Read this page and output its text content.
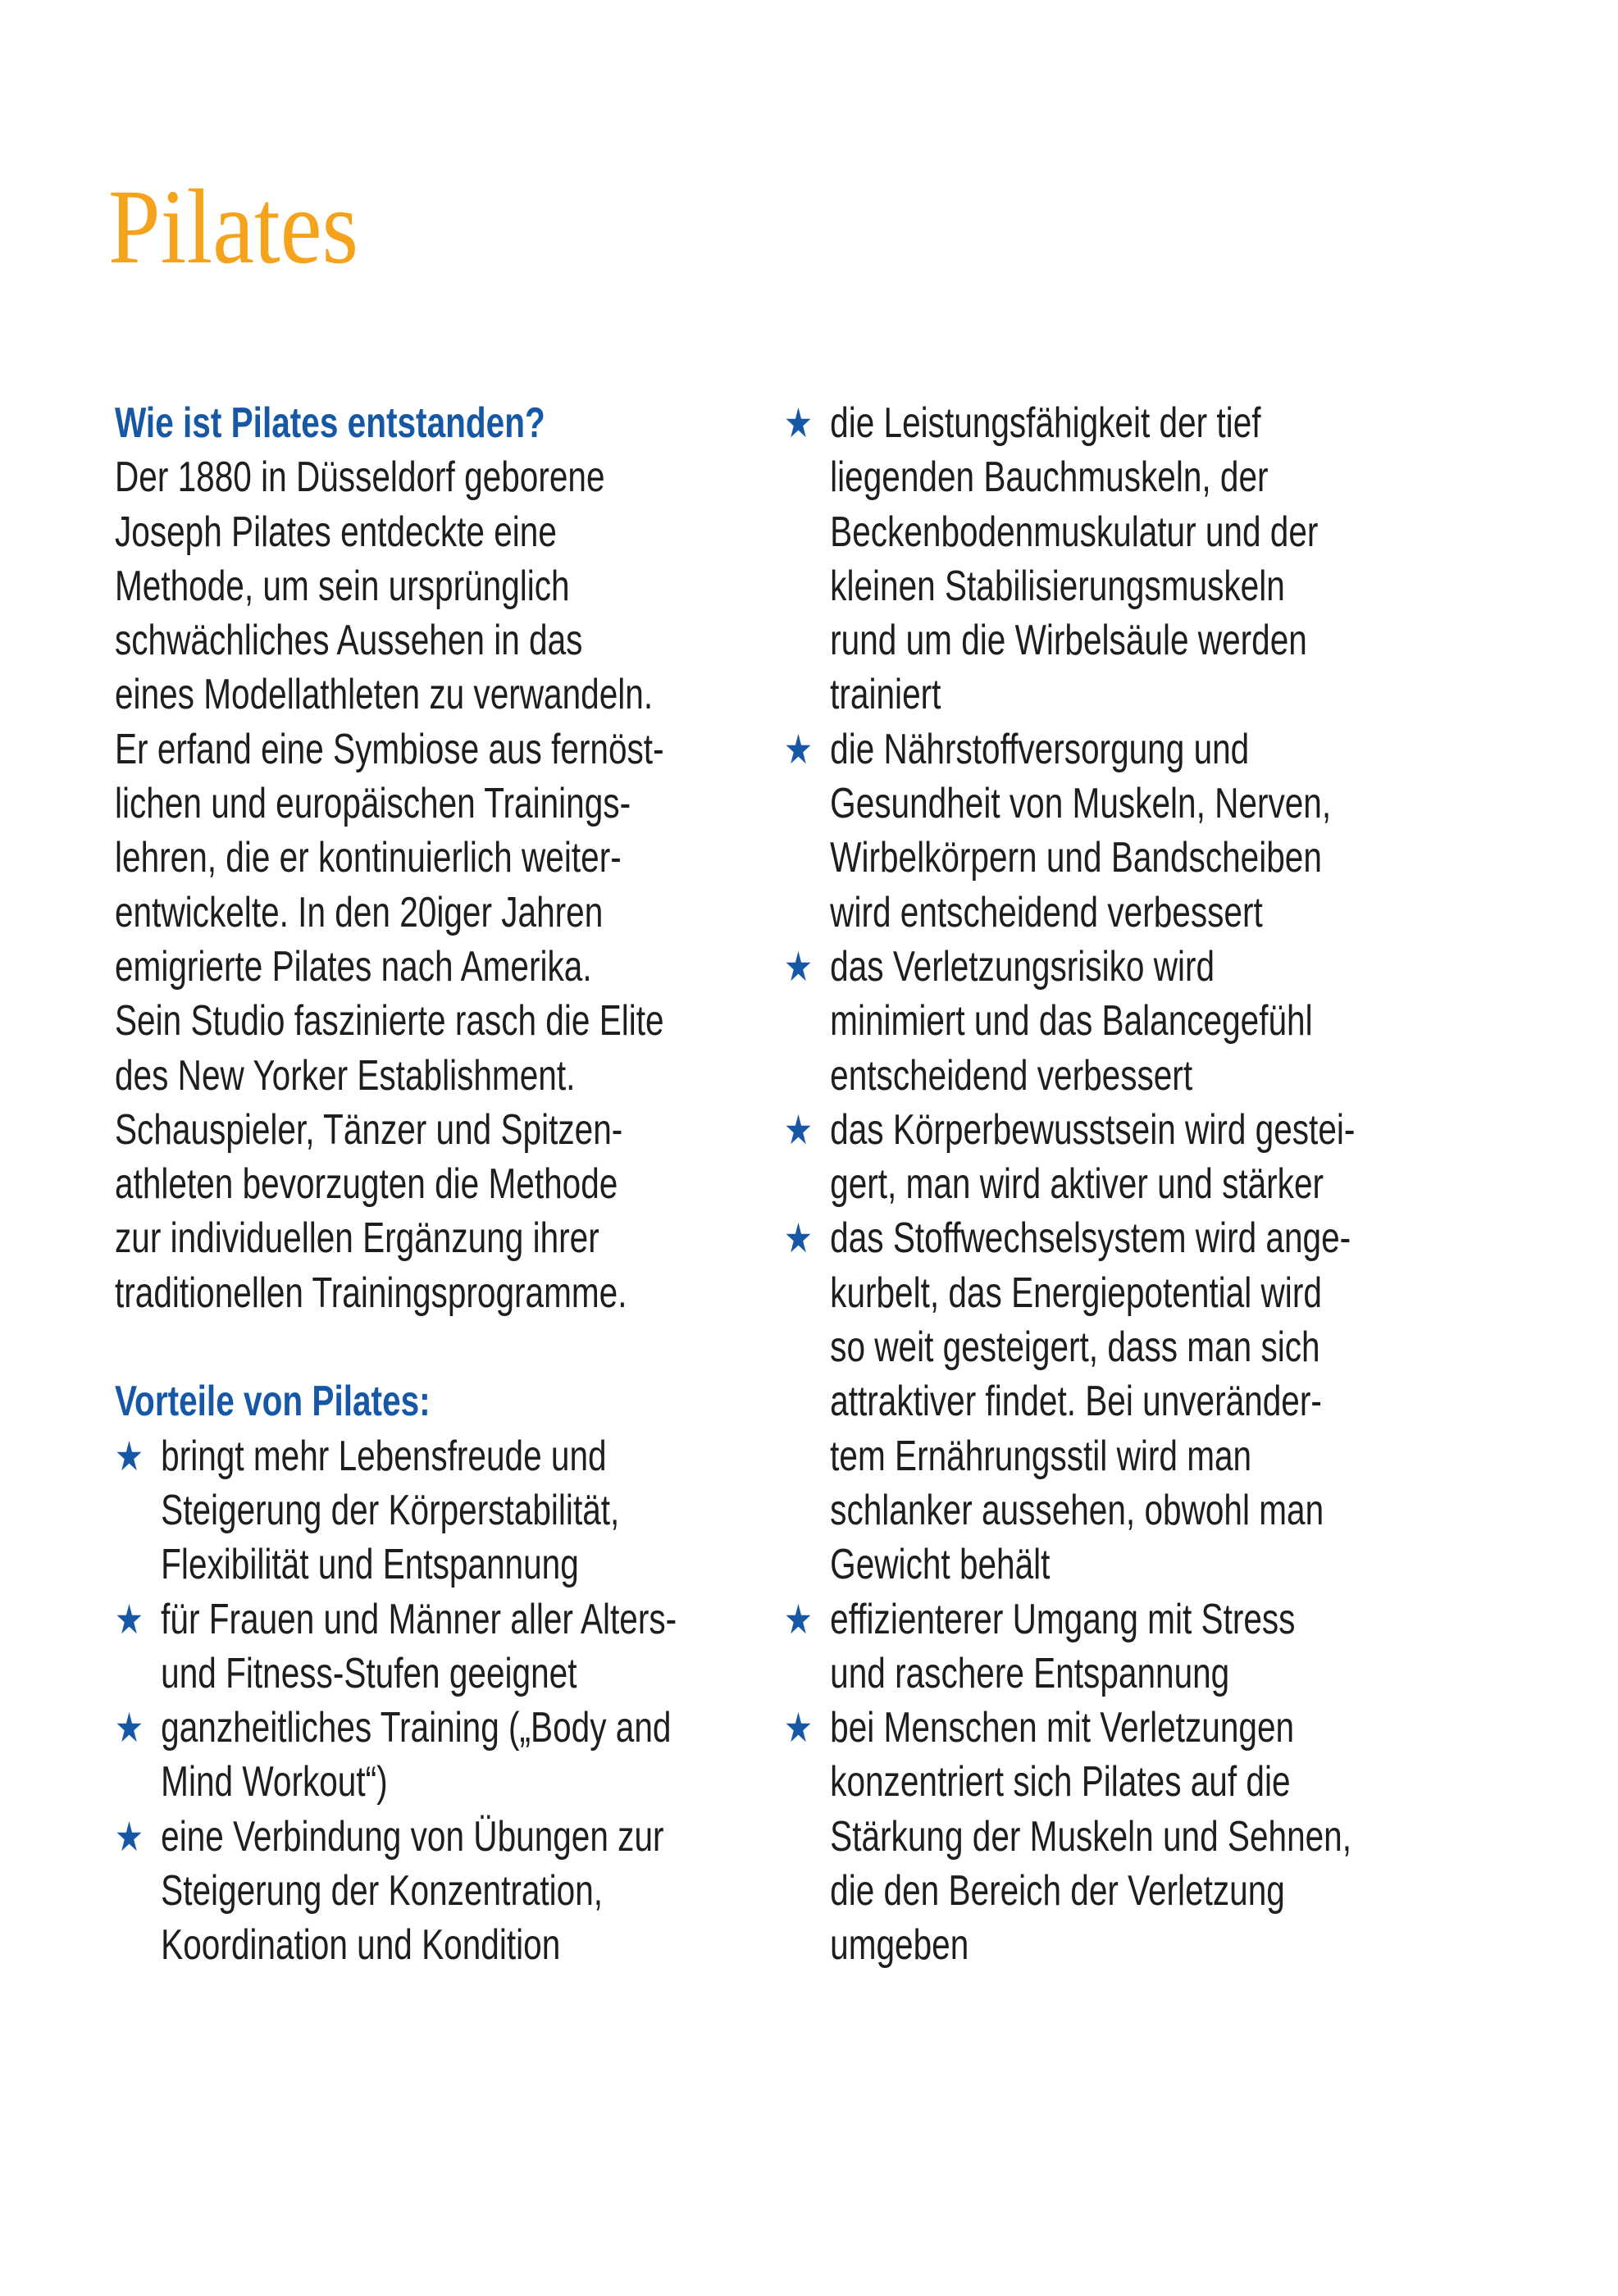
Pilates
Wie ist Pilates entstanden?
Der 1880 in Düsseldorf geborene
Joseph Pilates entdeckte eine
Methode, um sein ursprünglich
schwächliches Aussehen in das
eines Modellathleten zu verwandeln.
Er erfand eine Symbiose aus fernöst-
lichen und europäischen Trainings-
lehren, die er kontinuierlich weiter-
entwickelte. In den 20iger Jahren
emigrierte Pilates nach Amerika.
Sein Studio faszinierte rasch die Elite
des New Yorker Establishment.
Schauspieler, Tänzer und Spitzen-
athleten bevorzugten die Methode
zur individuellen Ergänzung ihrer
traditionellen Trainingsprogramme.
Vorteile von Pilates:
★ bringt mehr Lebensfreude und
Steigerung der Körperstabilität,
Flexibilität und Entspannung
★ für Frauen und Männer aller Alters-
und Fitness-Stufen geeignet
★ ganzheitliches Training („Body and
Mind Workout“)
★ eine Verbindung von Übungen zur
Steigerung der Konzentration,
Koordination und Kondition
★ die Leistungsfähigkeit der tief
liegenden Bauchmuskeln, der
Beckenbodenmuskulatur und der
kleinen Stabilisierungsmuskeln
rund um die Wirbelsäule werden
trainiert
★ die Nährstoffversorgung und
Gesundheit von Muskeln, Nerven,
Wirbelkörpern und Bandscheiben
wird entscheidend verbessert
★ das Verletzungsrisiko wird
minimiert und das Balancegefühl
entscheidend verbessert
★ das Körperbewusstsein wird gestei-
gert, man wird aktiver und stärker
★ das Stoffwechselsystem wird ange-
kurbelt, das Energiepotential wird
so weit gesteigert, dass man sich
attraktiver findet. Bei unveränder-
tem Ernährungsstil wird man
schlanker aussehen, obwohl man
Gewicht behält
★ effizienterer Umgang mit Stress
und raschere Entspannung
★ bei Menschen mit Verletzungen
konzentriert sich Pilates auf die
Stärkung der Muskeln und Sehnen,
die den Bereich der Verletzung
umgeben
